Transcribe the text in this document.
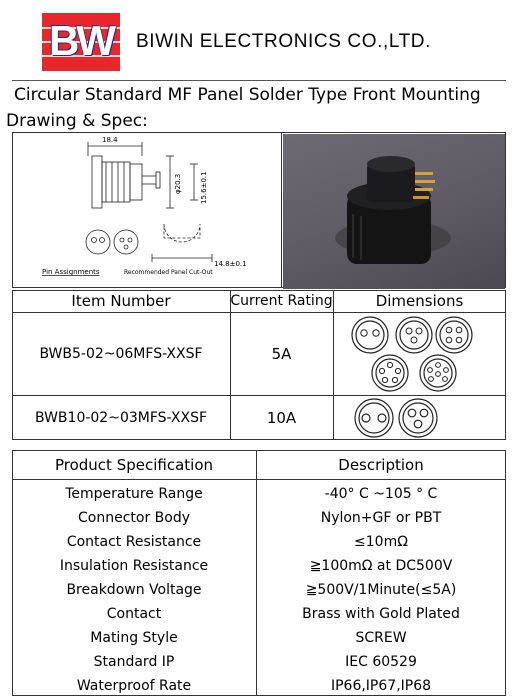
BW	BIWIN ELECTRONICS CO.,LTD.
Circular Standard MF Panel Solder Type Front Mounting
Drawing & Spec:
18.4
φ20.3	15.6±0.1
14.8±0.1
Pin Assignments	Recommended Panel Cut-Out
Item Number	Current Rating	Dimensions
BWB5-02~06MFS-XXSF	5A
BWB10-02~03MFS-XXSF	10A
Product Specification	Description
Temperature Range	-40° C ~105 ° C
Connector Body	Nylon+GF or PBT
Contact Resistance	≤10mΩ
Insulation Resistance	≧100mΩ at DC500V
Breakdown Voltage	≧500V/1Minute(≤5A)
Contact	Brass with Gold Plated
Mating Style	SCREW
Standard IP	IEC 60529
Waterproof Rate	IP66,IP67,IP68
